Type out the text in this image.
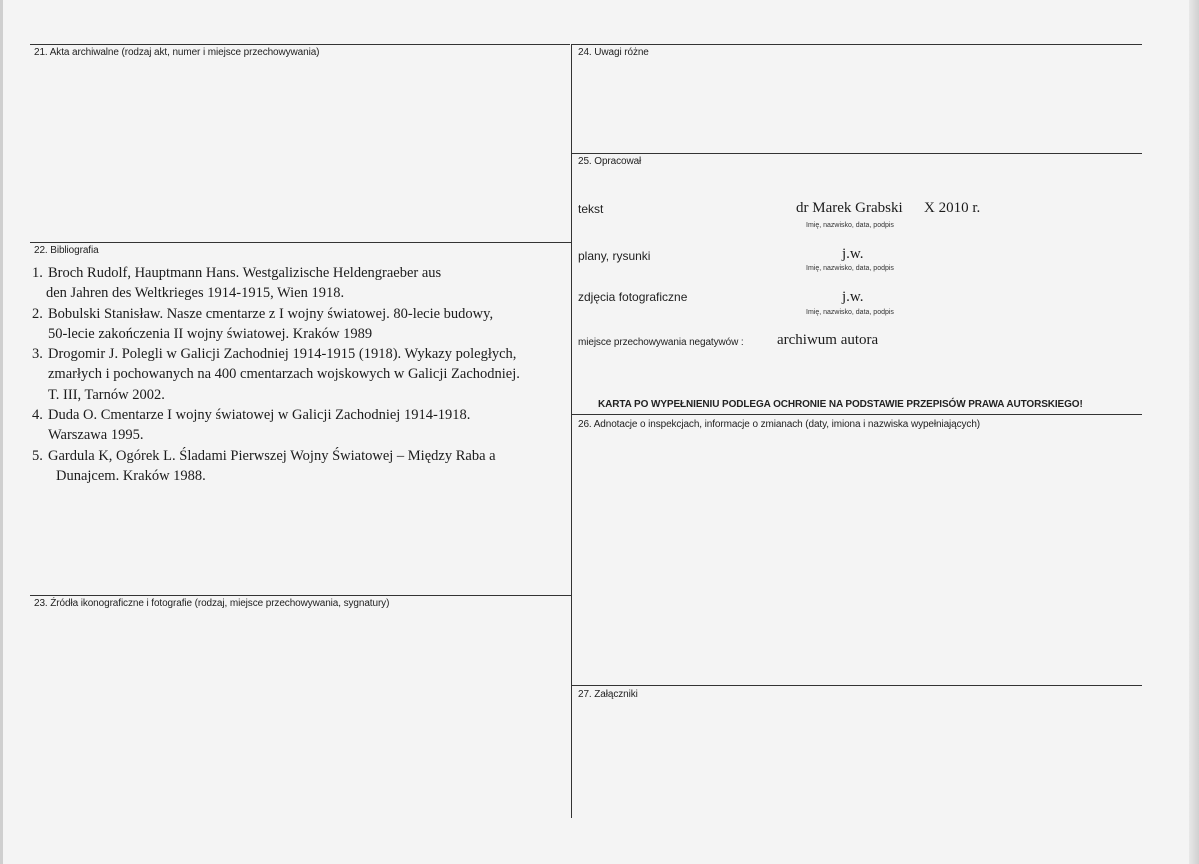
21. Akta archiwalne (rodzaj akt, numer i miejsce przechowywania)
22. Bibliografia
23. Źródła ikonograficzne i fotografie (rodzaj, miejsce przechowywania, sygnatury)
24. Uwagi różne
25. Opracował
26. Adnotacje o inspekcjach, informacje o zmianach (daty, imiona i nazwiska wypełniających)
27. Załączniki
1. Broch Rudolf, Hauptmann Hans. Westgalizische Heldengraeber aus
den Jahren des Weltkrieges 1914-1915, Wien 1918.
2. Bobulski Stanisław. Nasze cmentarze z I wojny światowej. 80-lecie budowy,
50-lecie zakończenia II wojny światowej. Kraków 1989
3. Drogomir J. Polegli w Galicji Zachodniej 1914-1915 (1918). Wykazy poległych,
zmarłych i pochowanych na 400 cmentarzach wojskowych w Galicji Zachodniej.
T. III, Tarnów 2002.
4. Duda O. Cmentarze I wojny światowej w Galicji Zachodniej 1914-1918.
Warszawa 1995.
5. Gardula K, Ogórek L. Śladami Pierwszej Wojny Światowej – Między Raba a
Dunajcem. Kraków 1988.
tekst	dr Marek Grabski X 2010 r.
Imię, nazwisko, data, podpis
plany, rysunki	j.w.
Imię, nazwisko, data, podpis
zdjęcia fotograficzne	j.w.
Imię, nazwisko, data, podpis
miejsce przechowywania negatywów : archiwum autora
KARTA PO WYPEŁNIENIU PODLEGA OCHRONIE NA PODSTAWIE PRZEPISÓW PRAWA AUTORSKIEGO!
